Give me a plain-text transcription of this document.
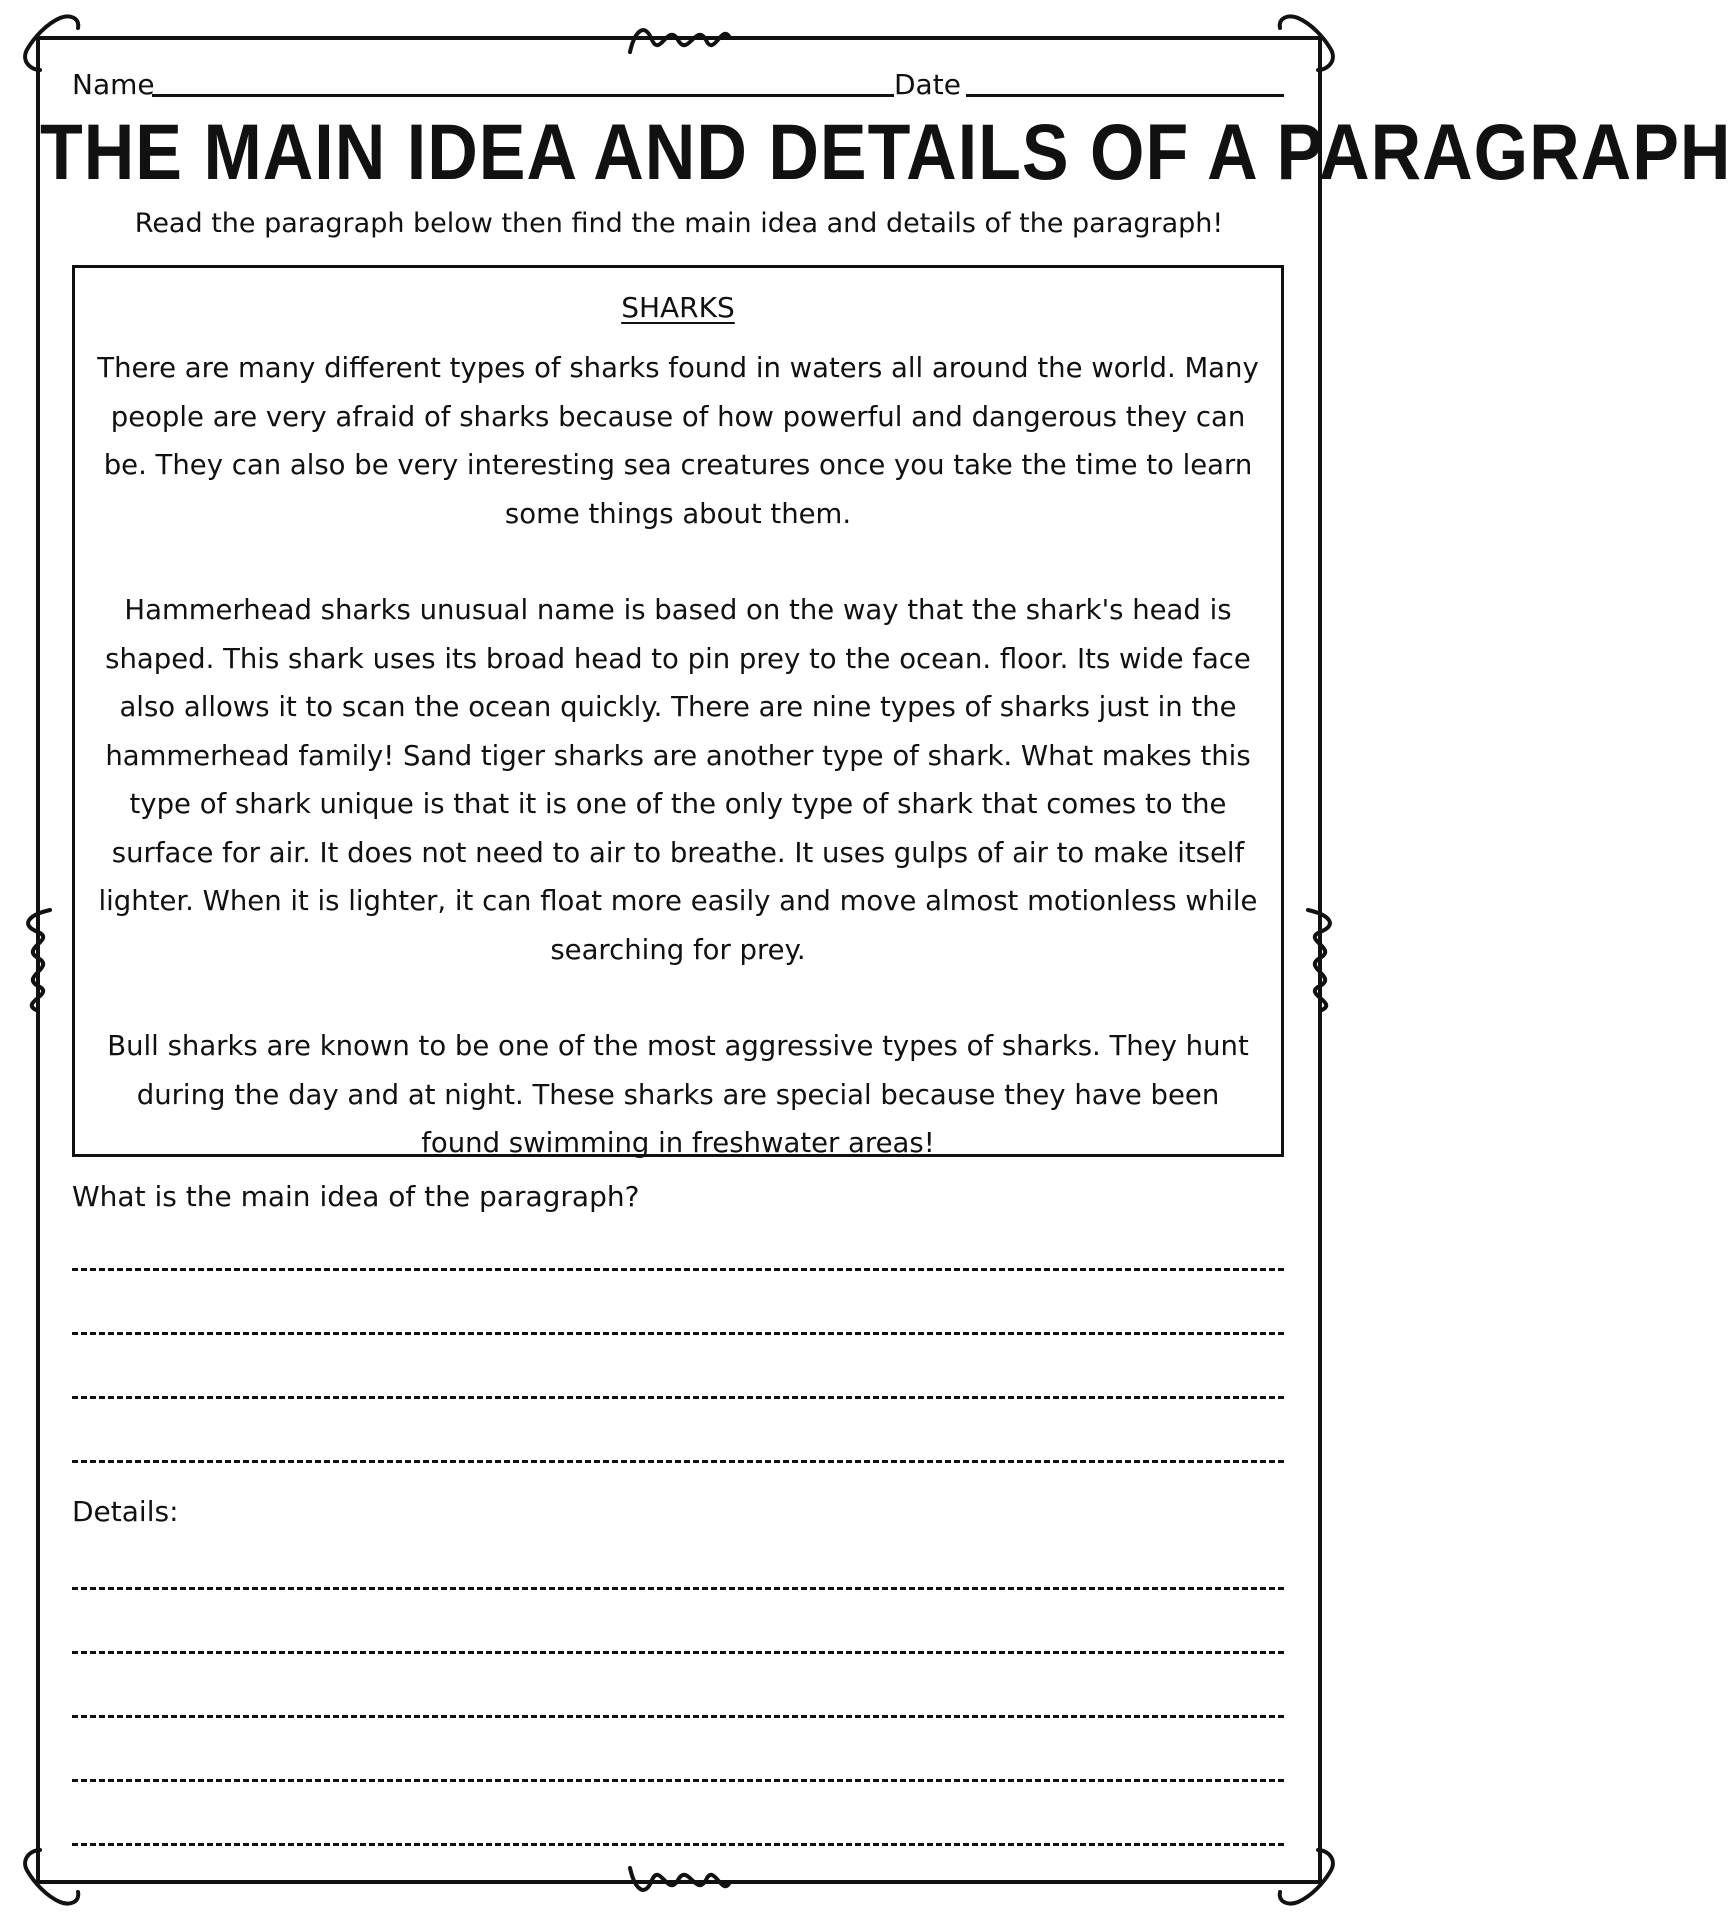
Name	Date
THE MAIN IDEA AND DETAILS OF A PARAGRAPH
Read the paragraph below then find the main idea and details of the paragraph!
SHARKS

There are many different types of sharks found in waters all around the world. Many people are very afraid of sharks because of how powerful and dangerous they can be. They can also be very interesting sea creatures once you take the time to learn some things about them.

Hammerhead sharks unusual name is based on the way that the shark's head is shaped. This shark uses its broad head to pin prey to the ocean. floor. Its wide face also allows it to scan the ocean quickly. There are nine types of sharks just in the hammerhead family! Sand tiger sharks are another type of shark. What makes this type of shark unique is that it is one of the only type of shark that comes to the surface for air. It does not need to air to breathe. It uses gulps of air to make itself lighter. When it is lighter, it can float more easily and move almost motionless while searching for prey.

Bull sharks are known to be one of the most aggressive types of sharks. They hunt during the day and at night. These sharks are special because they have been found swimming in freshwater areas!

What is the main idea of the paragraph?
Details:
